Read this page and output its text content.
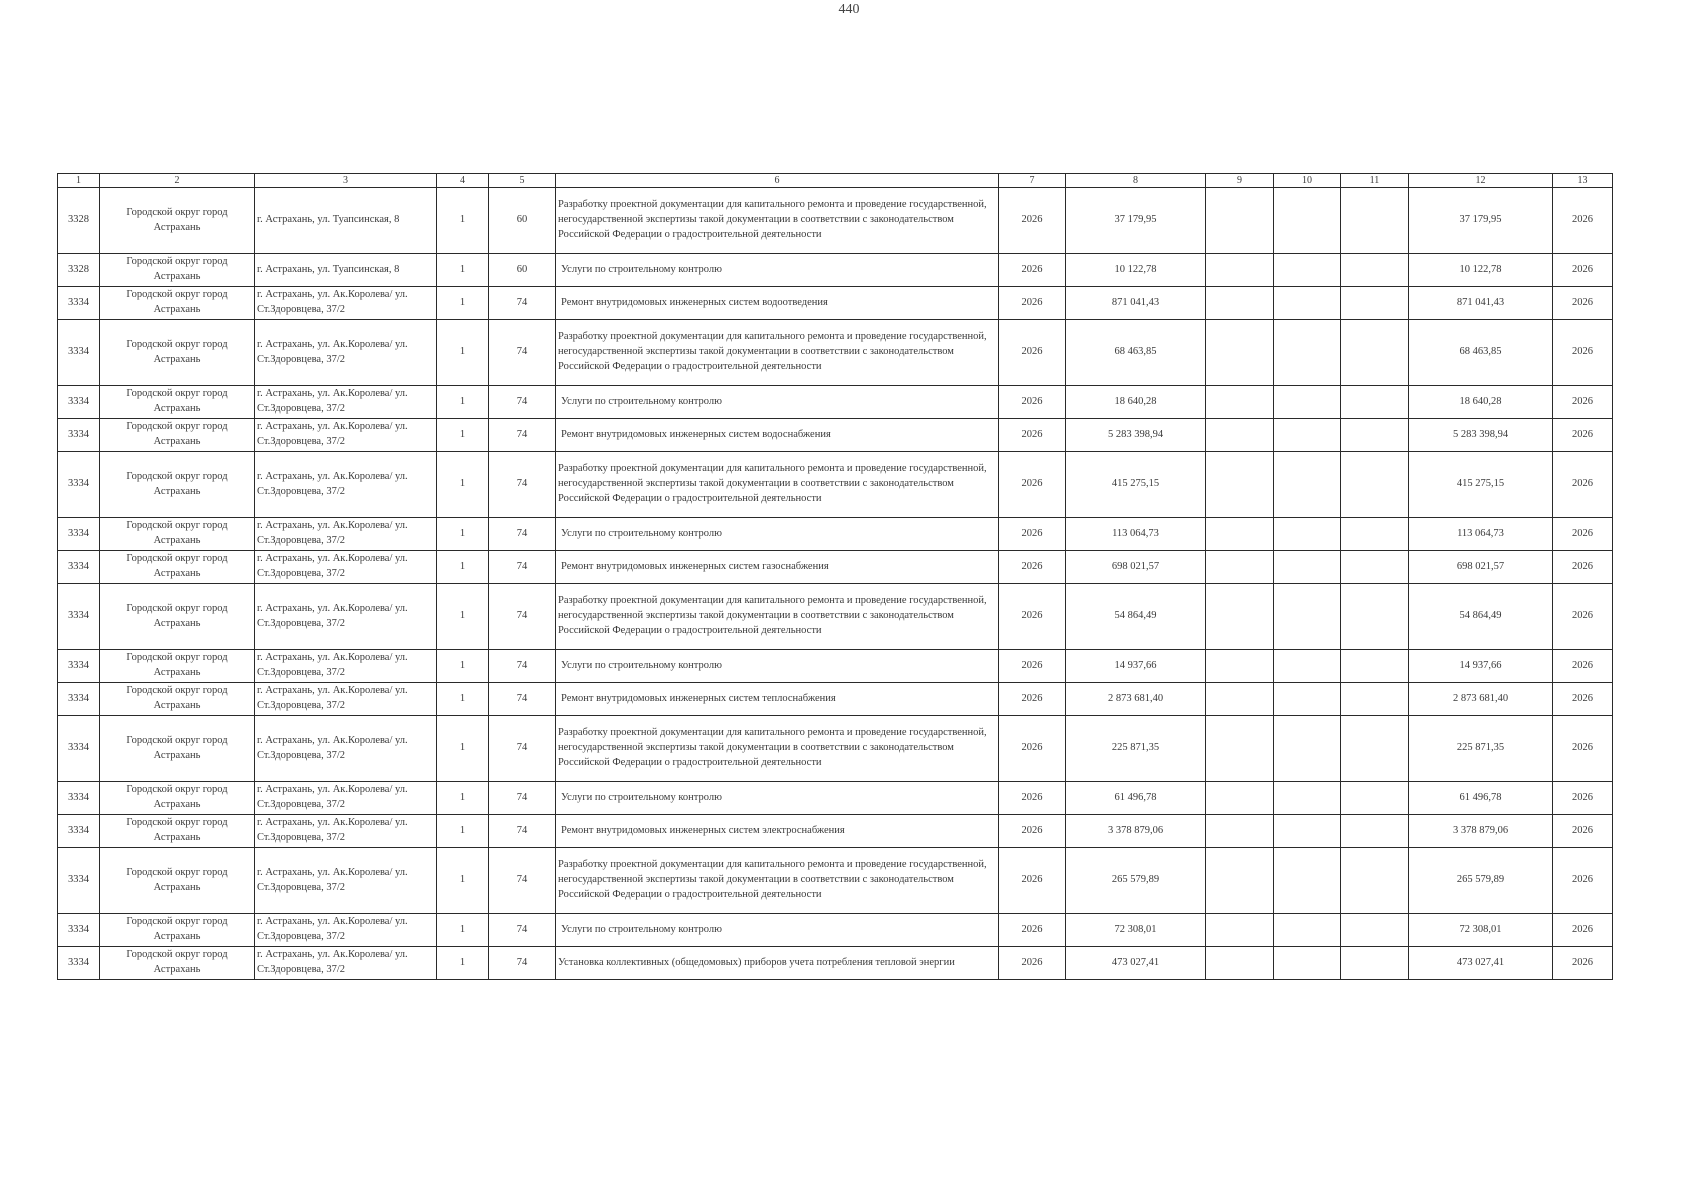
440
1	2	3	4	5	6	7	8	9	10	11	12	13
3328	Городской округ город Астрахань	г. Астрахань, ул. Туапсинская, 8	1	60	Разработку проектной документации для капитального ремонта и проведение государственной, негосударственной экспертизы такой документации в соответствии с законодательством Российской Федерации о градостроительной деятельности	2026	37 179,95				37 179,95	2026
3328	Городской округ город Астрахань	г. Астрахань, ул. Туапсинская, 8	1	60	Услуги по строительному контролю	2026	10 122,78				10 122,78	2026
3334	Городской округ город Астрахань	г. Астрахань, ул. Ак.Королева/ ул. Ст.Здоровцева, 37/2	1	74	Ремонт внутридомовых инженерных систем водоотведения	2026	871 041,43				871 041,43	2026
3334	Городской округ город Астрахань	г. Астрахань, ул. Ак.Королева/ ул. Ст.Здоровцева, 37/2	1	74	Разработку проектной документации для капитального ремонта и проведение государственной, негосударственной экспертизы такой документации в соответствии с законодательством Российской Федерации о градостроительной деятельности	2026	68 463,85				68 463,85	2026
3334	Городской округ город Астрахань	г. Астрахань, ул. Ак.Королева/ ул. Ст.Здоровцева, 37/2	1	74	Услуги по строительному контролю	2026	18 640,28				18 640,28	2026
3334	Городской округ город Астрахань	г. Астрахань, ул. Ак.Королева/ ул. Ст.Здоровцева, 37/2	1	74	Ремонт внутридомовых инженерных систем водоснабжения	2026	5 283 398,94				5 283 398,94	2026
3334	Городской округ город Астрахань	г. Астрахань, ул. Ак.Королева/ ул. Ст.Здоровцева, 37/2	1	74	Разработку проектной документации для капитального ремонта и проведение государственной, негосударственной экспертизы такой документации в соответствии с законодательством Российской Федерации о градостроительной деятельности	2026	415 275,15				415 275,15	2026
3334	Городской округ город Астрахань	г. Астрахань, ул. Ак.Королева/ ул. Ст.Здоровцева, 37/2	1	74	Услуги по строительному контролю	2026	113 064,73				113 064,73	2026
3334	Городской округ город Астрахань	г. Астрахань, ул. Ак.Королева/ ул. Ст.Здоровцева, 37/2	1	74	Ремонт внутридомовых инженерных систем газоснабжения	2026	698 021,57				698 021,57	2026
3334	Городской округ город Астрахань	г. Астрахань, ул. Ак.Королева/ ул. Ст.Здоровцева, 37/2	1	74	Разработку проектной документации для капитального ремонта и проведение государственной, негосударственной экспертизы такой документации в соответствии с законодательством Российской Федерации о градостроительной деятельности	2026	54 864,49				54 864,49	2026
3334	Городской округ город Астрахань	г. Астрахань, ул. Ак.Королева/ ул. Ст.Здоровцева, 37/2	1	74	Услуги по строительному контролю	2026	14 937,66				14 937,66	2026
3334	Городской округ город Астрахань	г. Астрахань, ул. Ак.Королева/ ул. Ст.Здоровцева, 37/2	1	74	Ремонт внутридомовых инженерных систем теплоснабжения	2026	2 873 681,40				2 873 681,40	2026
3334	Городской округ город Астрахань	г. Астрахань, ул. Ак.Королева/ ул. Ст.Здоровцева, 37/2	1	74	Разработку проектной документации для капитального ремонта и проведение государственной, негосударственной экспертизы такой документации в соответствии с законодательством Российской Федерации о градостроительной деятельности	2026	225 871,35				225 871,35	2026
3334	Городской округ город Астрахань	г. Астрахань, ул. Ак.Королева/ ул. Ст.Здоровцева, 37/2	1	74	Услуги по строительному контролю	2026	61 496,78				61 496,78	2026
3334	Городской округ город Астрахань	г. Астрахань, ул. Ак.Королева/ ул. Ст.Здоровцева, 37/2	1	74	Ремонт внутридомовых инженерных систем электроснабжения	2026	3 378 879,06				3 378 879,06	2026
3334	Городской округ город Астрахань	г. Астрахань, ул. Ак.Королева/ ул. Ст.Здоровцева, 37/2	1	74	Разработку проектной документации для капитального ремонта и проведение государственной, негосударственной экспертизы такой документации в соответствии с законодательством Российской Федерации о градостроительной деятельности	2026	265 579,89				265 579,89	2026
3334	Городской округ город Астрахань	г. Астрахань, ул. Ак.Королева/ ул. Ст.Здоровцева, 37/2	1	74	Услуги по строительному контролю	2026	72 308,01				72 308,01	2026
3334	Городской округ город Астрахань	г. Астрахань, ул. Ак.Королева/ ул. Ст.Здоровцева, 37/2	1	74	Установка коллективных (общедомовых) приборов учета потребления тепловой энергии	2026	473 027,41				473 027,41	2026
